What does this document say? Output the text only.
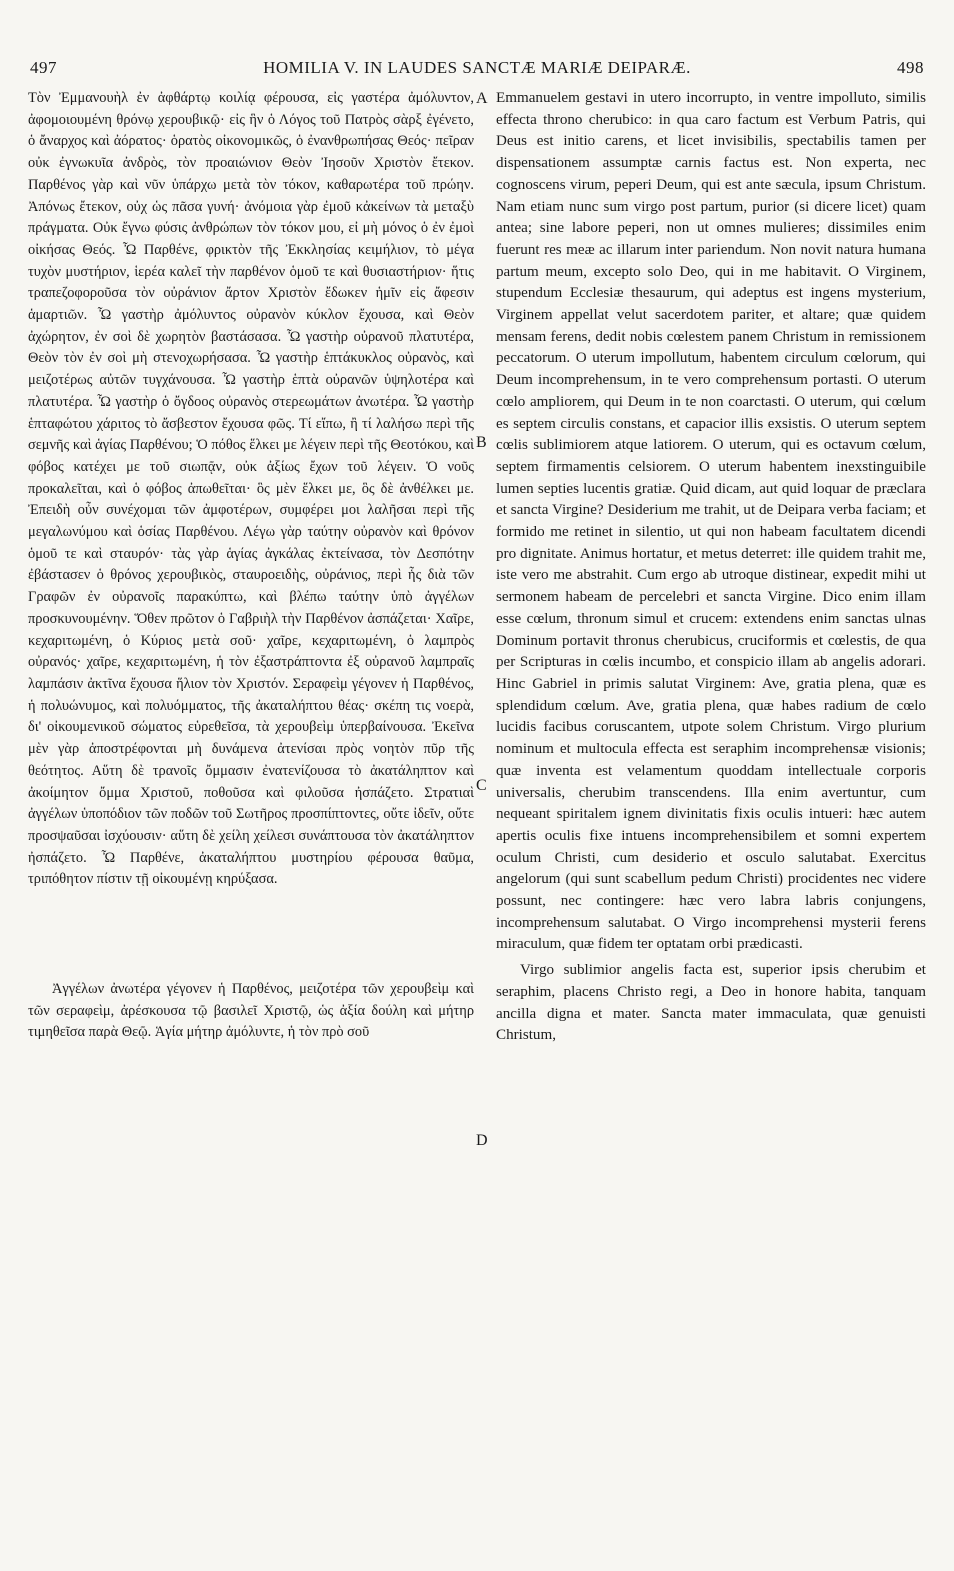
497	HOMILIA V. IN LAUDES SANCTÆ MARIÆ DEIPARÆ.	498

Τὸν Ἐμμανουὴλ ἐν ἀφθάρτῳ κοιλίᾳ φέρουσα, εἰς γαστέρα ἀμόλυντον, ἀφομοιουμένη θρόνῳ χερουβικῷ· εἰς ἣν ὁ Λόγος τοῦ Πατρὸς σὰρξ ἐγένετο, ὁ ἄναρχος καὶ ἀόρατος· ὁρατὸς οἰκονομικῶς, ὁ ἐνανθρωπήσας Θεός· πεῖραν οὐκ ἐγνωκυῖα ἀνδρὸς, τὸν προαιώνιον Θεὸν Ἰησοῦν Χριστὸν ἔτεκον. Παρθένος γὰρ καὶ νῦν ὑπάρχω μετὰ τὸν τόκον, καθαρωτέρα τοῦ πρώην. Ἀπόνως ἔτεκον, οὐχ ὡς πᾶσα γυνή· ἀνόμοια γὰρ ἐμοῦ κἀκείνων τὰ μεταξὺ πράγματα. Οὐκ ἔγνω φύσις ἀνθρώπων τὸν τόκον μου, εἰ μὴ μόνος ὁ ἐν ἐμοὶ οἰκήσας Θεός. Ὦ Παρθένε, φρικτὸν τῆς Ἐκκλησίας κειμήλιον, τὸ μέγα τυχὸν μυστήριον, ἱερέα καλεῖ τὴν παρθένον ὁμοῦ τε καὶ θυσιαστήριον· ἥτις τραπεζοφοροῦσα τὸν οὐράνιον ἄρτον Χριστὸν ἔδωκεν ἡμῖν εἰς ἄφεσιν ἁμαρτιῶν. Ὦ γαστὴρ ἀμόλυντος οὐρανὸν κύκλον ἔχουσα, καὶ Θεὸν ἀχώρητον, ἐν σοὶ δὲ χωρητὸν βαστάσασα. Ὦ γαστὴρ οὐρανοῦ πλατυτέρα, Θεὸν τὸν ἐν σοὶ μὴ στενοχωρήσασα. Ὦ γαστὴρ ἑπτάκυκλος οὐρανὸς, καὶ μειζοτέρως αὐτῶν τυγχάνουσα. Ὦ γαστὴρ ἑπτὰ οὐρανῶν ὑψηλοτέρα καὶ πλατυτέρα. Ὦ γαστὴρ ὁ ὄγδοος οὐρανὸς στερεωμάτων ἀνωτέρα. Ὦ γαστὴρ ἑπταφώτου χάριτος τὸ ἄσβεστον ἔχουσα φῶς. Τί εἴπω, ἢ τί λαλήσω περὶ τῆς σεμνῆς καὶ ἁγίας Παρθένου; Ὁ πόθος ἕλκει με λέγειν περὶ τῆς Θεοτόκου, καὶ φόβος κατέχει με τοῦ σιωπᾷν, οὐκ ἀξίως ἔχων τοῦ λέγειν. Ὁ νοῦς προκαλεῖται, καὶ ὁ φόβος ἀπωθεῖται· ὃς μὲν ἕλκει με, ὃς δὲ ἀνθέλκει με. Ἐπειδὴ οὖν συνέχομαι τῶν ἀμφοτέρων, συμφέρει μοι λαλῆσαι περὶ τῆς μεγαλωνύμου καὶ ὁσίας Παρθένου. Λέγω γὰρ ταύτην οὐρανὸν καὶ θρόνον ὁμοῦ τε καὶ σταυρόν· τὰς γὰρ ἁγίας ἀγκάλας ἐκτείνασα, τὸν Δεσπότην ἐβάστασεν ὁ θρόνος χερουβικὸς, σταυροειδὴς, οὐράνιος, περὶ ἧς διὰ τῶν Γραφῶν ἐν οὐρανοῖς παρακύπτω, καὶ βλέπω ταύτην ὑπὸ ἀγγέλων προσκυνουμένην. Ὅθεν πρῶτον ὁ Γαβριὴλ τὴν Παρθένον ἀσπάζεται· Χαῖρε, κεχαριτωμένη, ὁ Κύριος μετὰ σοῦ· χαῖρε, κεχαριτωμένη, ὁ λαμπρὸς οὐρανός· χαῖρε, κεχαριτωμένη, ἡ τὸν ἐξαστράπτοντα ἐξ οὐρανοῦ λαμπραῖς λαμπάσιν ἀκτῖνα ἔχουσα ἥλιον τὸν Χριστόν. Σεραφεὶμ γέγονεν ἡ Παρθένος, ἡ πολυώνυμος, καὶ πολυόμματος, τῆς ἀκαταλήπτου θέας· σκέπη τις νοερὰ, δι' οἰκουμενικοῦ σώματος εὑρεθεῖσα, τὰ χερουβεὶμ ὑπερβαίνουσα. Ἐκεῖνα μὲν γὰρ ἀποστρέφονται μὴ δυνάμενα ἀτενίσαι πρὸς νοητὸν πῦρ τῆς θεότητος. Αὕτη δὲ τρανοῖς ὄμμασιν ἐνατενίζουσα τὸ ἀκατάληπτον καὶ ἀκοίμητον ὄμμα Χριστοῦ, ποθοῦσα καὶ φιλοῦσα ἠσπάζετο. Στρατιαὶ ἀγγέλων ὑποπόδιον τῶν ποδῶν τοῦ Σωτῆρος προσπίπτοντες, οὔτε ἰδεῖν, οὔτε προσψαῦσαι ἰσχύουσιν· αὕτη δὲ χείλη χείλεσι συνάπτουσα τὸν ἀκατάληπτον ἠσπάζετο. Ὦ Παρθένε, ἀκαταλήπτου μυστηρίου φέρουσα θαῦμα, τριπόθητον πίστιν τῇ οἰκουμένῃ κηρύξασα.

Ἀγγέλων ἀνωτέρα γέγονεν ἡ Παρθένος, μειζοτέρα τῶν χερουβεὶμ καὶ τῶν σεραφεὶμ, ἀρέσκουσα τῷ βασιλεῖ Χριστῷ, ὡς ἀξία δούλη καὶ μήτηρ τιμηθεῖσα παρὰ Θεῷ. Ἁγία μήτηρ ἀμόλυντε, ἡ τὸν πρὸ σοῦ

A
B
C
D

Emmanuelem gestavi in utero incorrupto, in ventre impolluto, similis effecta throno cherubico: in qua caro factum est Verbum Patris, qui Deus est initio carens, et licet invisibilis, spectabilis tamen per dispensationem assumptæ carnis factus est. Non experta, nec cognoscens virum, peperi Deum, qui est ante sæcula, ipsum Christum. Nam etiam nunc sum virgo post partum, purior (si dicere licet) quam antea; sine labore peperi, non ut omnes mulieres; dissimiles enim fuerunt res meæ ac illarum inter pariendum. Non novit natura humana partum meum, excepto solo Deo, qui in me habitavit. O Virginem, stupendum Ecclesiæ thesaurum, qui adeptus est ingens mysterium, Virginem appellat velut sacerdotem pariter, et altare; quæ quidem mensam ferens, dedit nobis cœlestem panem Christum in remissionem peccatorum. O uterum impollutum, habentem circulum cœlorum, qui Deum incomprehensum, in te vero comprehensum portasti. O uterum cœlo ampliorem, qui Deum in te non coarctasti. O uterum, qui cœlum es septem circulis constans, et capacior illis exsistis. O uterum septem cœlis sublimiorem atque latiorem. O uterum, qui es octavum cœlum, septem firmamentis celsiorem. O uterum habentem inexstinguibile lumen septies lucentis gratiæ. Quid dicam, aut quid loquar de præclara et sancta Virgine? Desiderium me trahit, ut de Deipara verba faciam; et formido me retinet in silentio, ut qui non habeam facultatem dicendi pro dignitate. Animus hortatur, et metus deterret: ille quidem trahit me, iste vero me abstrahit. Cum ergo ab utroque distinear, expedit mihi ut sermonem habeam de percelebri et sancta Virgine. Dico enim illam esse cœlum, thronum simul et crucem: extendens enim sanctas ulnas Dominum portavit thronus cherubicus, cruciformis et cœlestis, de qua per Scripturas in cœlis incumbo, et conspicio illam ab angelis adorari. Hinc Gabriel in primis salutat Virginem: Ave, gratia plena, quæ es splendidum cœlum. Ave, gratia plena, quæ habes radium de cœlo lucidis facibus coruscantem, utpote solem Christum. Virgo plurium nominum et multocula effecta est seraphim incomprehensæ visionis; quæ inventa est velamentum quoddam intellectuale corporis universalis, cherubim transcendens. Illa enim avertuntur, cum nequeant spiritalem ignem divinitatis fixis oculis intueri: hæc autem apertis oculis fixe intuens incomprehensibilem et somni expertem oculum Christi, cum desiderio et osculo salutabat. Exercitus angelorum (qui sunt scabellum pedum Christi) procidentes nec videre possunt, nec contingere: hæc vero labra labris conjungens, incomprehensum salutabat. O Virgo incomprehensi mysterii ferens miraculum, quæ fidem ter optatam orbi prædicasti.

Virgo sublimior angelis facta est, superior ipsis cherubim et seraphim, placens Christo regi, a Deo in honore habita, tanquam ancilla digna et mater. Sancta mater immaculata, quæ genuisti Christum,
